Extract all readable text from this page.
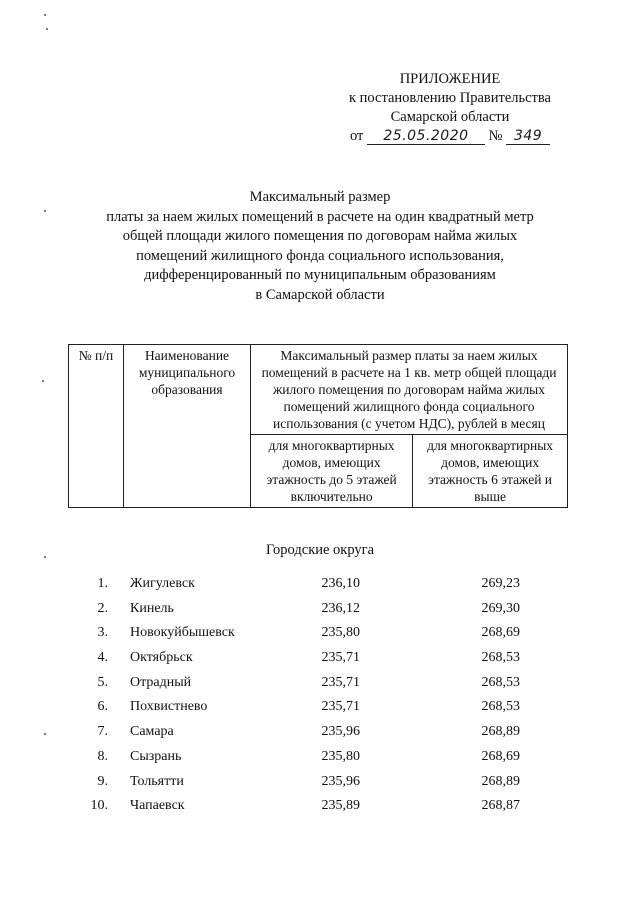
ПРИЛОЖЕНИЕ
к постановлению Правительства
Самарской области
от 25.05.2020 № 349
Максимальный размер
платы за наем жилых помещений в расчете на один квадратный метр
общей площади жилого помещения по договорам найма жилых
помещений жилищного фонда социального использования,
дифференцированный по муниципальным образованиям
в Самарской области
№ п/п	Наименование муниципального образования	Максимальный размер платы за наем жилых помещений в расчете на 1 кв. метр общей площади жилого помещения по договорам найма жилых помещений жилищного фонда социального использования (с учетом НДС), рублей в месяц	
		для многоквартирных домов, имеющих этажность до 5 этажей включительно	для многоквартирных домов, имеющих этажность 6 этажей и выше
Городские округа
1. Жигулевск	236,10	269,23
2. Кинель	236,12	269,30
3. Новокуйбышевск	235,80	268,69
4. Октябрьск	235,71	268,53
5. Отрадный	235,71	268,53
6. Похвистнево	235,71	268,53
7. Самара	235,96	268,89
8. Сызрань	235,80	268,69
9. Тольятти	235,96	268,89
10. Чапаевск	235,89	268,87
